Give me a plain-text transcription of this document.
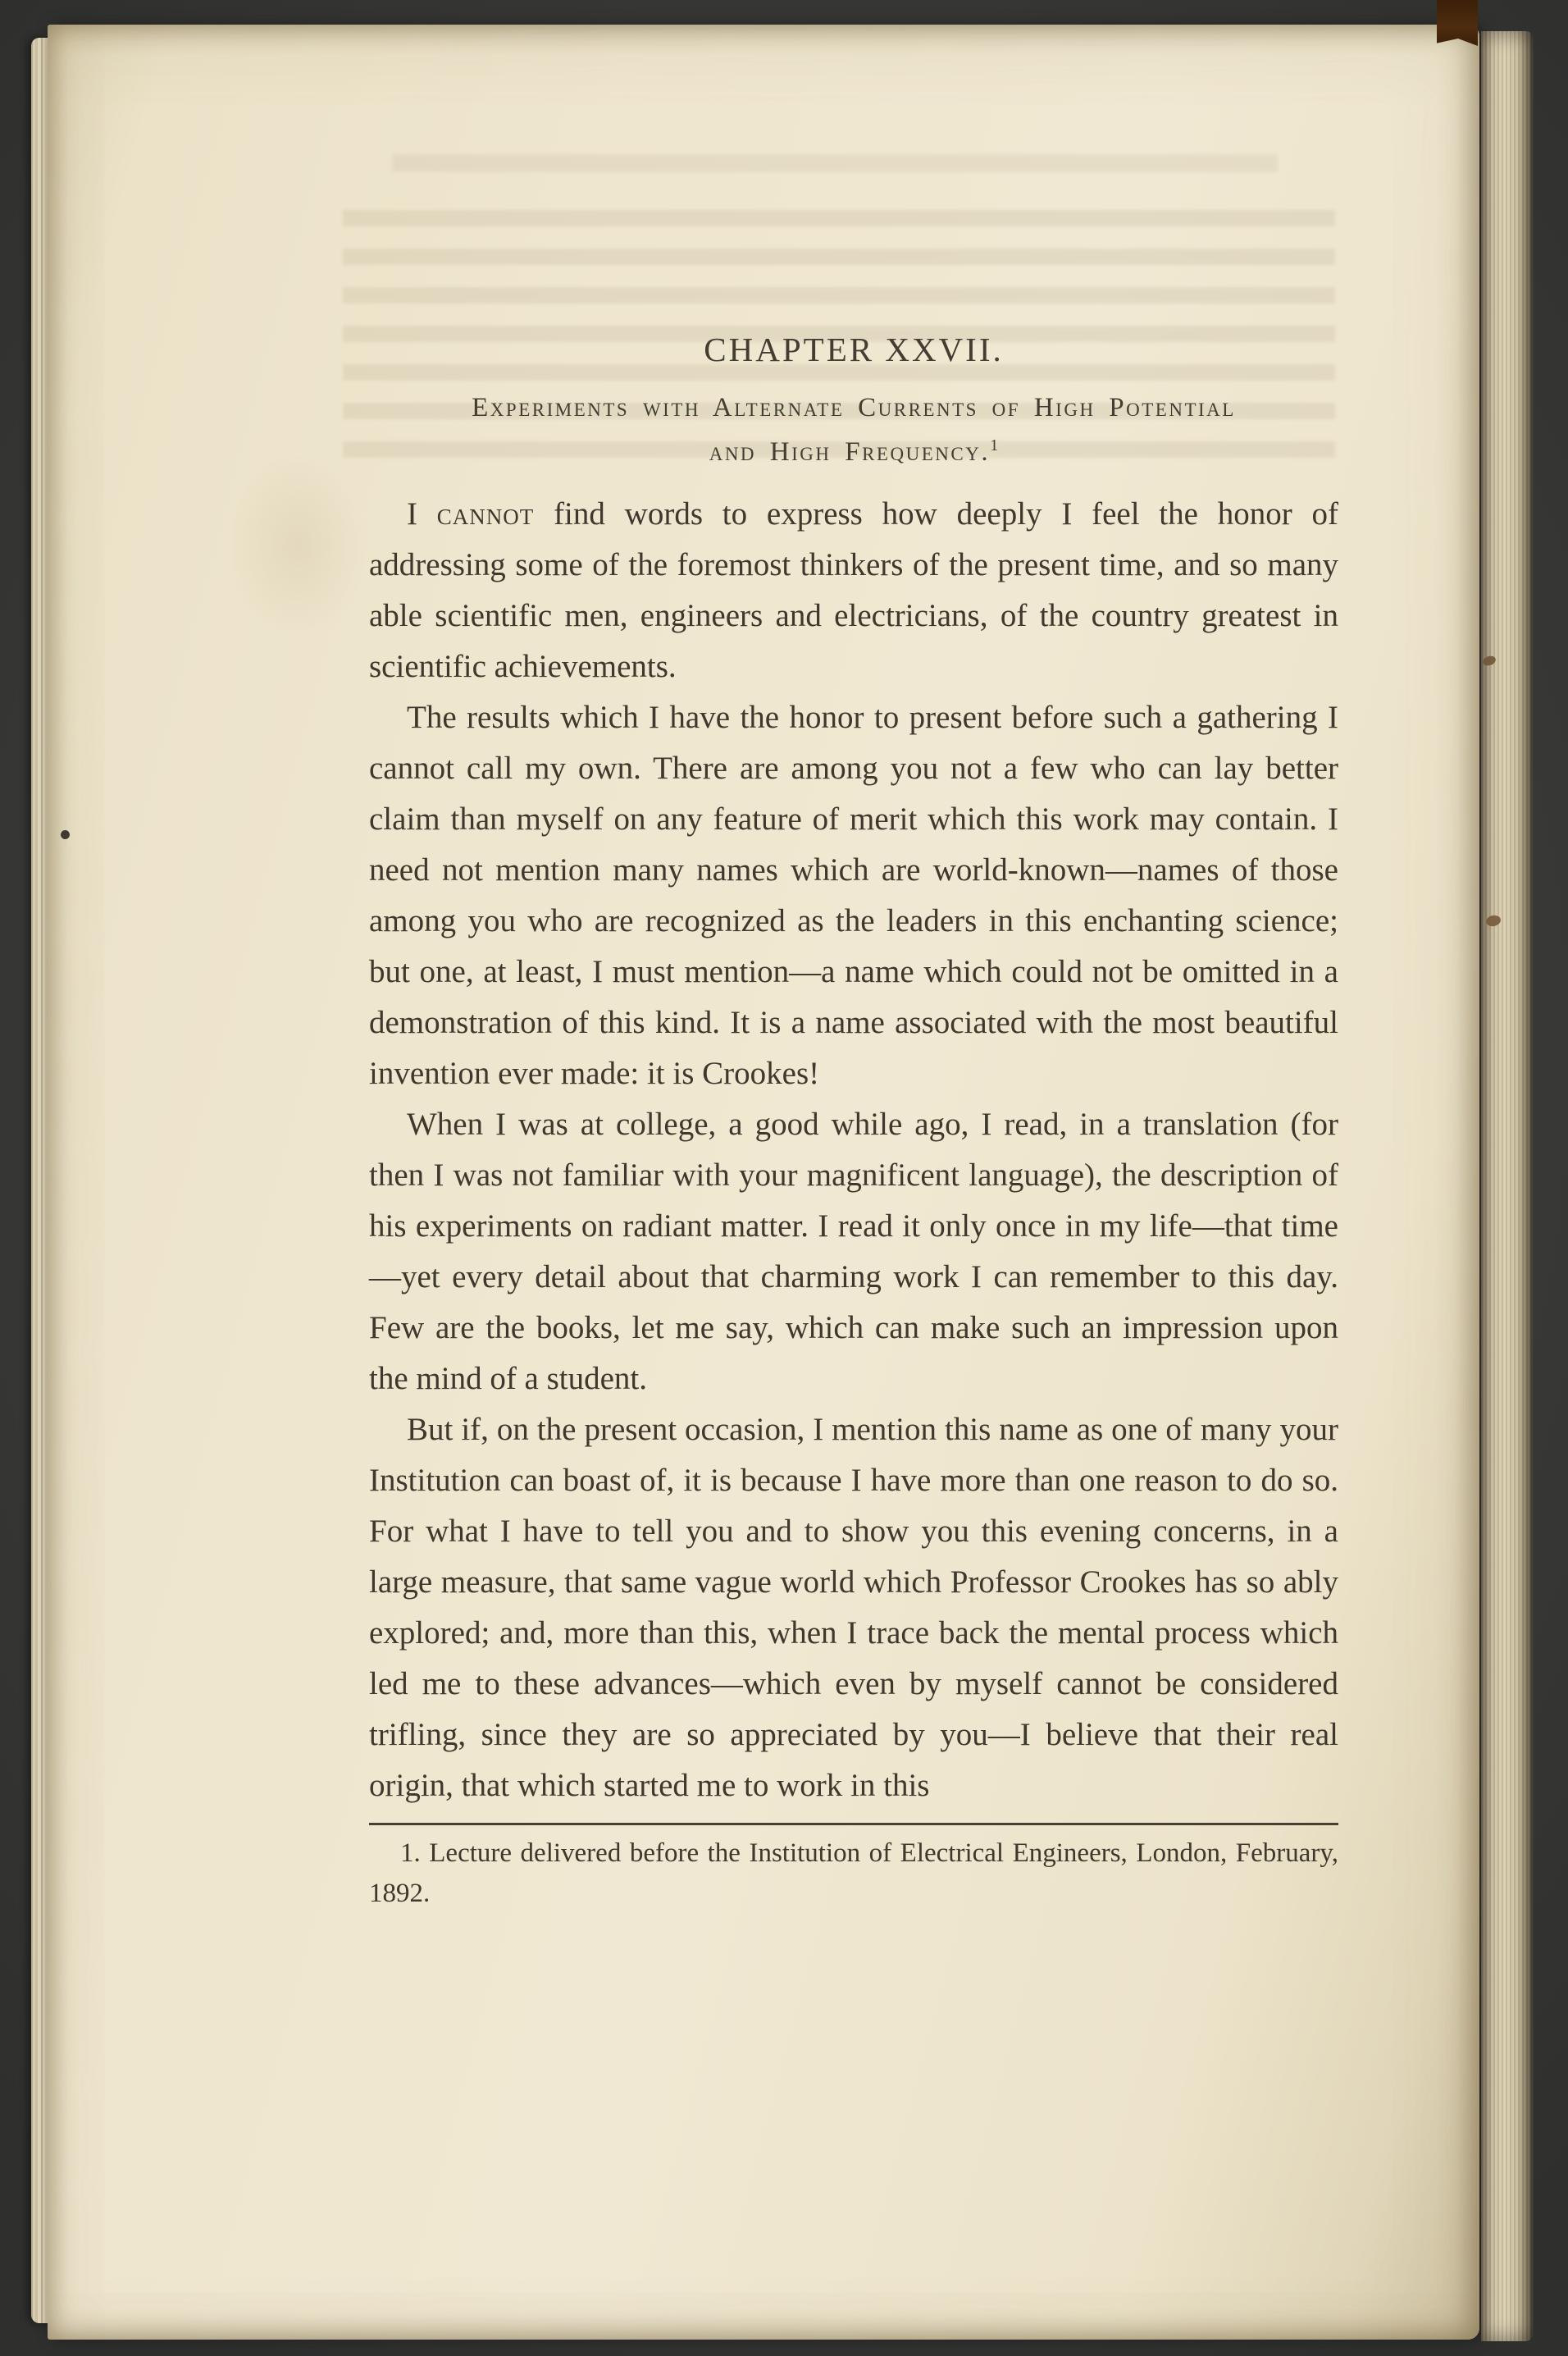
CHAPTER XXVII.
Experiments with Alternate Currents of High Potential
and High Frequency.$^1$

I cannot find words to express how deeply I feel the honor of addressing some of the foremost thinkers of the present time, and so many able scientific men, engineers and electricians, of the country greatest in scientific achievements.

The results which I have the honor to present before such a gathering I cannot call my own. There are among you not a few who can lay better claim than myself on any feature of merit which this work may contain. I need not mention many names which are world-known—names of those among you who are recognized as the leaders in this enchanting science; but one, at least, I must mention—a name which could not be omitted in a demonstration of this kind. It is a name associated with the most beautiful invention ever made: it is Crookes!

When I was at college, a good while ago, I read, in a translation (for then I was not familiar with your magnificent language), the description of his experiments on radiant matter. I read it only once in my life—that time—yet every detail about that charming work I can remember to this day. Few are the books, let me say, which can make such an impression upon the mind of a student.

But if, on the present occasion, I mention this name as one of many your Institution can boast of, it is because I have more than one reason to do so. For what I have to tell you and to show you this evening concerns, in a large measure, that same vague world which Professor Crookes has so ably explored; and, more than this, when I trace back the mental process which led me to these advances—which even by myself cannot be considered trifling, since they are so appreciated by you—I believe that their real origin, that which started me to work in this

1. Lecture delivered before the Institution of Electrical Engineers, London, February, 1892.
